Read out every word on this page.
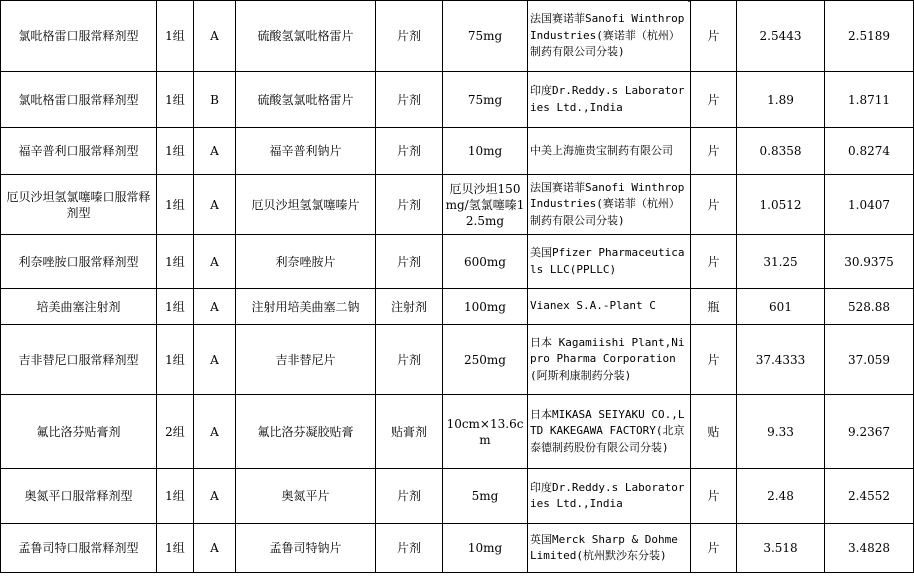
氯吡格雷口服常释剂型	1组	A	硫酸氢氯吡格雷片	片剂	75mg	法国赛诺菲Sanofi Winthrop Industries(赛诺菲（杭州）制药有限公司分装)	片	2.5443	2.5189
氯吡格雷口服常释剂型	1组	B	硫酸氢氯吡格雷片	片剂	75mg	印度Dr.Reddy.s Laboratories Ltd.,India	片	1.89	1.8711
福辛普利口服常释剂型	1组	A	福辛普利钠片	片剂	10mg	中美上海施贵宝制药有限公司	片	0.8358	0.8274
厄贝沙坦氢氯噻嗪口服常释剂型	1组	A	厄贝沙坦氢氯噻嗪片	片剂	厄贝沙坦150mg/氢氯噻嗪12.5mg	法国赛诺菲Sanofi Winthrop Industries(赛诺菲（杭州）制药有限公司分装)	片	1.0512	1.0407
利奈唑胺口服常释剂型	1组	A	利奈唑胺片	片剂	600mg	美国Pfizer Pharmaceuticals LLC(PPLLC)	片	31.25	30.9375
培美曲塞注射剂	1组	A	注射用培美曲塞二钠	注射剂	100mg	Vianex S.A.-Plant C	瓶	601	528.88
吉非替尼口服常释剂型	1组	A	吉非替尼片	片剂	250mg	日本 Kagamiishi Plant,Nipro Pharma Corporation(阿斯利康制药分装)	片	37.4333	37.059
氟比洛芬贴膏剂	2组	A	氟比洛芬凝胶贴膏	贴膏剂	10cm×13.6cm	日本MIKASA SEIYAKU CO.,LTD KAKEGAWA FACTORY(北京泰德制药股份有限公司分装)	贴	9.33	9.2367
奥氮平口服常释剂型	1组	A	奥氮平片	片剂	5mg	印度Dr.Reddy.s Laboratories Ltd.,India	片	2.48	2.4552
孟鲁司特口服常释剂型	1组	A	孟鲁司特钠片	片剂	10mg	英国Merck Sharp & Dohme Limited(杭州默沙东分装)	片	3.518	3.4828
